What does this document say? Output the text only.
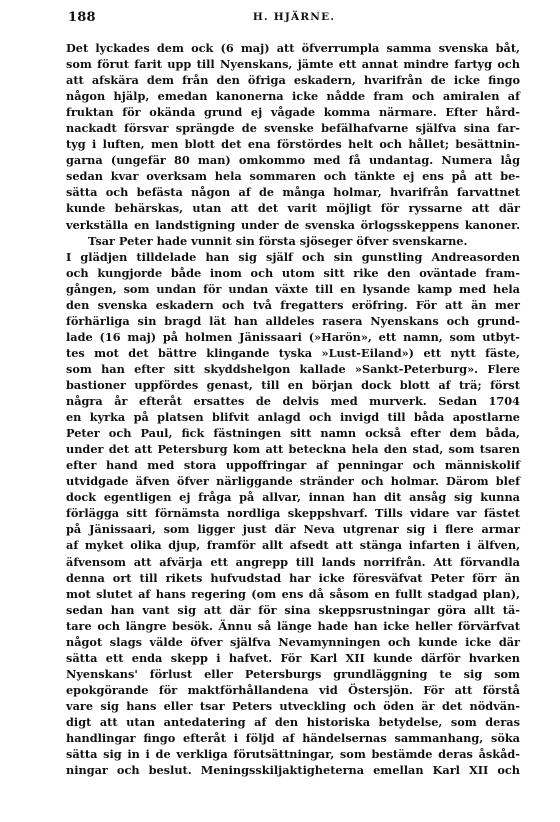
188	H. HJÄRNE.
Det lyckades dem ock (6 maj) att öfverrumpla samma svenska båt,
som förut farit upp till Nyenskans, jämte ett annat mindre fartyg och
att afskära dem från den öfriga eskadern, hvarifrån de icke fingo
någon hjälp, emedan kanonerna icke nådde fram och amiralen af
fruktan för okända grund ej vågade komma närmare. Efter hård-
nackadt försvar sprängde de svenske befälhafvarne själfva sina far-
tyg i luften, men blott det ena förstördes helt och hållet; besättnin-
garna (ungefär 80 man) omkommo med få undantag. Numera låg
sedan kvar overksam hela sommaren och tänkte ej ens på att be-
sätta och befästa någon af de många holmar, hvarifrån farvattnet
kunde behärskas, utan att det varit möjligt för ryssarne att där
verkställa en landstigning under de svenska örlogsskeppens kanoner.
Tsar Peter hade vunnit sin första sjöseger öfver svenskarne.
I glädjen tilldelade han sig själf och sin gunstling Andreasorden
och kungjorde både inom och utom sitt rike den oväntade fram-
gången, som undan för undan växte till en lysande kamp med hela
den svenska eskadern och två fregatters eröfring. För att än mer
förhärliga sin bragd lät han alldeles rasera Nyenskans och grund-
lade (16 maj) på holmen Jänissaari (»Harön», ett namn, som utbyt-
tes mot det bättre klingande tyska »Lust-Eiland») ett nytt fäste,
som han efter sitt skyddshelgon kallade »Sankt-Peterburg». Flere
bastioner uppfördes genast, till en början dock blott af trä; först
några år efteråt ersattes de delvis med murverk. Sedan 1704
en kyrka på platsen blifvit anlagd och invigd till båda apostlarne
Peter och Paul, fick fästningen sitt namn också efter dem båda,
under det att Petersburg kom att beteckna hela den stad, som tsaren
efter hand med stora uppoffringar af penningar och människolif
utvidgade äfven öfver närliggande stränder och holmar. Därom blef
dock egentligen ej fråga på allvar, innan han dit ansåg sig kunna
förlägga sitt förnämsta nordliga skeppshvarf. Tills vidare var fästet
på Jänissaari, som ligger just där Neva utgrenar sig i flere armar
af myket olika djup, framför allt afsedt att stänga infarten i älfven,
äfvensom att afvärja ett angrepp till lands norrifrån. Att förvandla
denna ort till rikets hufvudstad har icke föresväfvat Peter förr än
mot slutet af hans regering (om ens då såsom en fullt stadgad plan),
sedan han vant sig att där för sina skeppsrustningar göra allt tä-
tare och längre besök. Ännu så länge hade han icke heller förvärfvat
något slags välde öfver själfva Nevamynningen och kunde icke där
sätta ett enda skepp i hafvet. För Karl XII kunde därför hvarken
Nyenskans' förlust eller Petersburgs grundläggning te sig som
epokgörande för maktförhållandena vid Östersjön. För att förstå
vare sig hans eller tsar Peters utveckling och öden är det nödvän-
digt att utan antedatering af den historiska betydelse, som deras
handlingar fingo efteråt i följd af händelsernas sammanhang, söka
sätta sig in i de verkliga förutsättningar, som bestämde deras åskåd-
ningar och beslut. Meningsskiljaktigheterna emellan Karl XII och
